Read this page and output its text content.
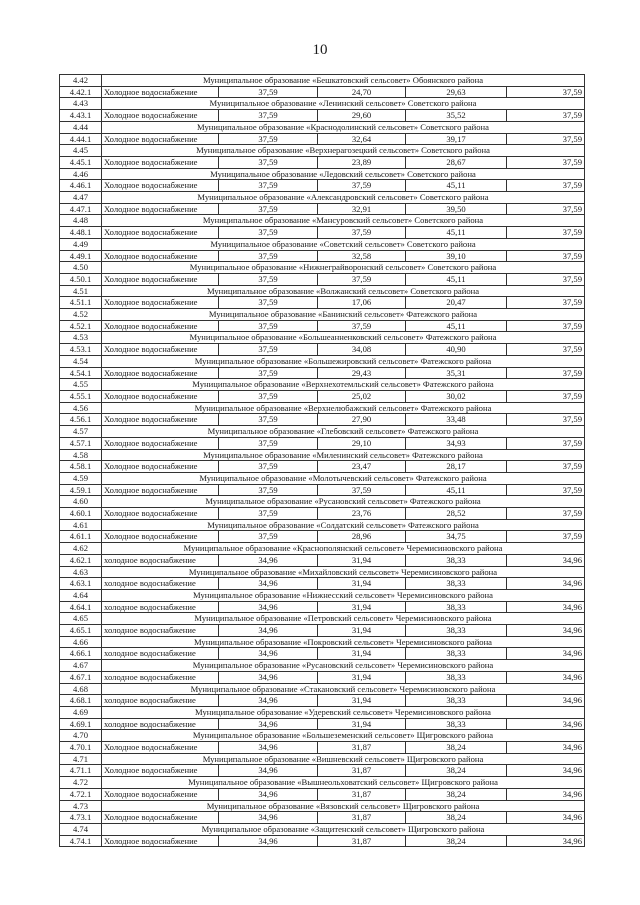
10
4.42	Муниципальное образование «Бешкатовский сельсовет» Обоянского района				
4.42.1	Холодное водоснабжение	37,59	24,70	29,63	37,59
4.43	Муниципальное образование «Ленинский сельсовет» Советского района				
4.43.1	Холодное водоснабжение	37,59	29,60	35,52	37,59
4.44	Муниципальное образование «Краснодолинский сельсовет» Советского района				
4.44.1	Холодное водоснабжение	37,59	32,64	39,17	37,59
4.45	Муниципальное образование «Верхнерагозецкий сельсовет» Советского района				
4.45.1	Холодное водоснабжение	37,59	23,89	28,67	37,59
4.46	Муниципальное образование «Ледовский сельсовет» Советского района				
4.46.1	Холодное водоснабжение	37,59	37,59	45,11	37,59
4.47	Муниципальное образование «Александровский сельсовет» Советского района				
4.47.1	Холодное водоснабжение	37,59	32,91	39,50	37,59
4.48	Муниципальное образование «Мансуровский сельсовет» Советского района				
4.48.1	Холодное водоснабжение	37,59	37,59	45,11	37,59
4.49	Муниципальное образование «Советский сельсовет» Советского района				
4.49.1	Холодное водоснабжение	37,59	32,58	39,10	37,59
4.50	Муниципальное образование «Нижнеграйворонский сельсовет» Советского района				
4.50.1	Холодное водоснабжение	37,59	37,59	45,11	37,59
4.51	Муниципальное образование «Волжанский сельсовет» Советского района				
4.51.1	Холодное водоснабжение	37,59	17,06	20,47	37,59
4.52	Муниципальное образование «Банинский сельсовет» Фатежского района				
4.52.1	Холодное водоснабжение	37,59	37,59	45,11	37,59
4.53	Муниципальное образование «Большеанненковский сельсовет» Фатежского района				
4.53.1	Холодное водоснабжение	37,59	34,08	40,90	37,59
4.54	Муниципальное образование «Большежировский сельсовет» Фатежского района				
4.54.1	Холодное водоснабжение	37,59	29,43	35,31	37,59
4.55	Муниципальное образование «Верхнехотемльский сельсовет» Фатежского района				
4.55.1	Холодное водоснабжение	37,59	25,02	30,02	37,59
4.56	Муниципальное образование «Верхнелюбажский сельсовет» Фатежского района				
4.56.1	Холодное водоснабжение	37,59	27,90	33,48	37,59
4.57	Муниципальное образование «Глебовский сельсовет» Фатежского района				
4.57.1	Холодное водоснабжение	37,59	29,10	34,93	37,59
4.58	Муниципальное образование «Миленинский сельсовет» Фатежского района				
4.58.1	Холодное водоснабжение	37,59	23,47	28,17	37,59
4.59	Муниципальное образование «Молотычевский сельсовет» Фатежского района				
4.59.1	Холодное водоснабжение	37,59	37,59	45,11	37,59
4.60	Муниципальное образование «Русановский сельсовет» Фатежского района				
4.60.1	Холодное водоснабжение	37,59	23,76	28,52	37,59
4.61	Муниципальное образование «Солдатский сельсовет» Фатежского района				
4.61.1	Холодное водоснабжение	37,59	28,96	34,75	37,59
4.62	Муниципальное образование «Краснополянский сельсовет» Черемисиновского района				
4.62.1	холодное водоснабжение	34,96	31,94	38,33	34,96
4.63	Муниципальное образование «Михайловский сельсовет» Черемисиновского района				
4.63.1	холодное водоснабжение	34,96	31,94	38,33	34,96
4.64	Муниципальное образование «Нижнесский сельсовет» Черемисиновского района				
4.64.1	холодное водоснабжение	34,96	31,94	38,33	34,96
4.65	Муниципальное образование «Петровский сельсовет» Черемисиновского района				
4.65.1	холодное водоснабжение	34,96	31,94	38,33	34,96
4.66	Муниципальное образование «Покровский сельсовет» Черемисиновского района				
4.66.1	холодное водоснабжение	34,96	31,94	38,33	34,96
4.67	Муниципальное образование «Русановский сельсовет» Черемисиновского района				
4.67.1	холодное водоснабжение	34,96	31,94	38,33	34,96
4.68	Муниципальное образование «Стакановский сельсовет» Черемисиновского района				
4.68.1	холодное водоснабжение	34,96	31,94	38,33	34,96
4.69	Муниципальное образование «Удеревский сельсовет» Черемисиновского района				
4.69.1	холодное водоснабжение	34,96	31,94	38,33	34,96
4.70	Муниципальное образование «Большеземенский сельсовет» Щигровского района				
4.70.1	Холодное водоснабжение	34,96	31,87	38,24	34,96
4.71	Муниципальное образование «Вишневский сельсовет» Щигровского района				
4.71.1	Холодное водоснабжение	34,96	31,87	38,24	34,96
4.72	Муниципальное образование «Вышнеольховатский сельсовет» Щигровского района				
4.72.1	Холодное водоснабжение	34,96	31,87	38,24	34,96
4.73	Муниципальное образование «Вязовский сельсовет» Щигровского района				
4.73.1	Холодное водоснабжение	34,96	31,87	38,24	34,96
4.74	Муниципальное образование «Защитенский сельсовет» Щигровского района				
4.74.1	Холодное водоснабжение	34,96	31,87	38,24	34,96
